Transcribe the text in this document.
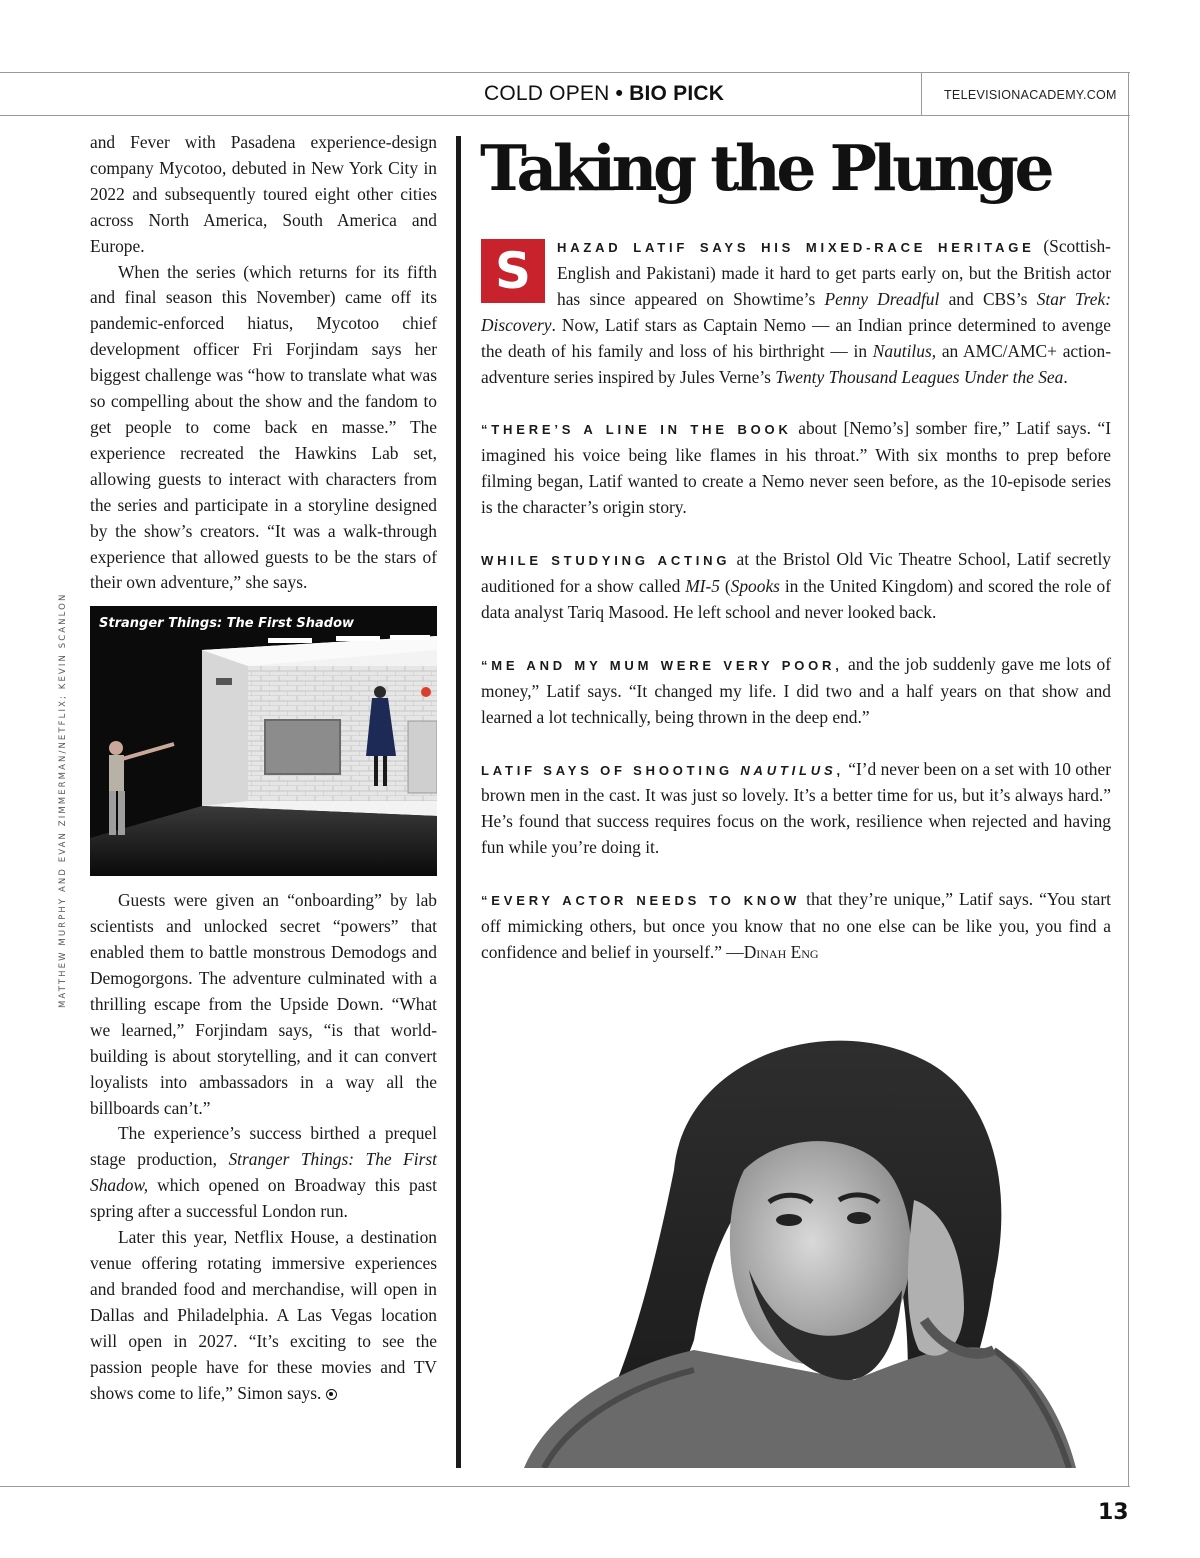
COLD OPEN • BIO PICK	TELEVISIONACADEMY.COM
MATTHEW MURPHY AND EVAN ZIMMERMAN/NETFLIX; KEVIN SCANLON

and Fever with Pasadena experience-design company Mycotoo, debuted in New York City in 2022 and subsequently toured eight other cities across North America, South America and Europe.

When the series (which returns for its fifth and final season this November) came off its pandemic-enforced hiatus, Mycotoo chief development officer Fri Forjindam says her biggest challenge was “how to translate what was so compelling about the show and the fandom to get people to come back en masse.” The experience recreated the Hawkins Lab set, allowing guests to interact with characters from the series and participate in a storyline designed by the show’s creators. “It was a walk-through experience that allowed guests to be the stars of their own adventure,” she says.

Stranger Things: The First Shadow

Guests were given an “onboarding” by lab scientists and unlocked secret “powers” that enabled them to battle monstrous Demodogs and Demogorgons. The adventure culminated with a thrilling escape from the Upside Down. “What we learned,” Forjindam says, “is that world-building is about storytelling, and it can convert loyalists into ambassadors in a way all the billboards can’t.”

The experience’s success birthed a prequel stage production, Stranger Things: The First Shadow, which opened on Broadway this past spring after a successful London run.

Later this year, Netflix House, a destination venue offering rotating immersive experiences and branded food and merchandise, will open in Dallas and Philadelphia. A Las Vegas location will open in 2027. “It’s exciting to see the passion people have for these movies and TV shows come to life,” Simon says.

Taking the Plunge

S	HAZAD LATIF SAYS HIS MIXED-RACE HERITAGE (Scottish-English and Pakistani) made it hard to get parts early on, but the British actor has since appeared on Showtime’s Penny Dreadful and CBS’s Star Trek: Discovery. Now, Latif stars as Captain Nemo — an Indian prince determined to avenge the death of his family and loss of his birthright — in Nautilus, an AMC/AMC+ action-adventure series inspired by Jules Verne’s Twenty Thousand Leagues Under the Sea.

“THERE’S A LINE IN THE BOOK about [Nemo’s] somber fire,” Latif says. “I imagined his voice being like flames in his throat.” With six months to prep before filming began, Latif wanted to create a Nemo never seen before, as the 10-episode series is the character’s origin story.

WHILE STUDYING ACTING at the Bristol Old Vic Theatre School, Latif secretly auditioned for a show called MI-5 (Spooks in the United Kingdom) and scored the role of data analyst Tariq Masood. He left school and never looked back.

“ME AND MY MUM WERE VERY POOR, and the job suddenly gave me lots of money,” Latif says. “It changed my life. I did two and a half years on that show and learned a lot technically, being thrown in the deep end.”

LATIF SAYS OF SHOOTING NAUTILUS, “I’d never been on a set with 10 other brown men in the cast. It was just so lovely. It’s a better time for us, but it’s always hard.” He’s found that success requires focus on the work, resilience when rejected and having fun while you’re doing it.

“EVERY ACTOR NEEDS TO KNOW that they’re unique,” Latif says. “You start off mimicking others, but once you know that no one else can be like you, you find a confidence and belief in yourself.” —Dinah Eng

13
